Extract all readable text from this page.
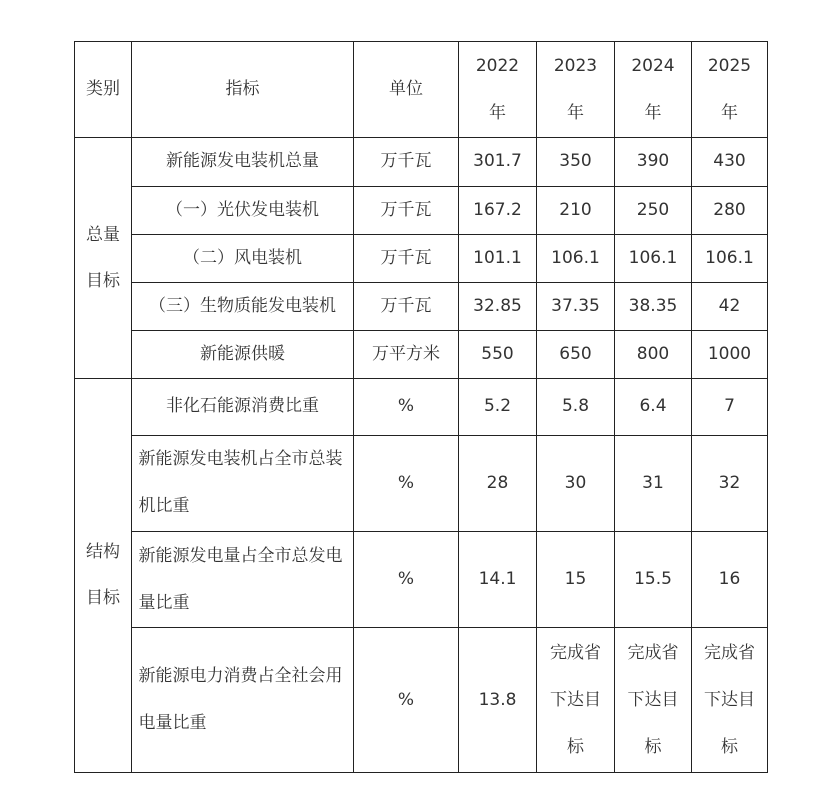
类别	指标	单位	2022年	2023年	2024年	2025年
总量目标	新能源发电装机总量	万千瓦	301.7	350	390	430
	（一）光伏发电装机	万千瓦	167.2	210	250	280
	（二）风电装机	万千瓦	101.1	106.1	106.1	106.1
	（三）生物质能发电装机	万千瓦	32.85	37.35	38.35	42
	新能源供暖	万平方米	550	650	800	1000
结构目标	非化石能源消费比重	%	5.2	5.8	6.4	7
	新能源发电装机占全市总装机比重	%	28	30	31	32
	新能源发电量占全市总发电量比重	%	14.1	15	15.5	16
	新能源电力消费占全社会用电量比重	%	13.8	完成省下达目标	完成省下达目标	完成省下达目标
